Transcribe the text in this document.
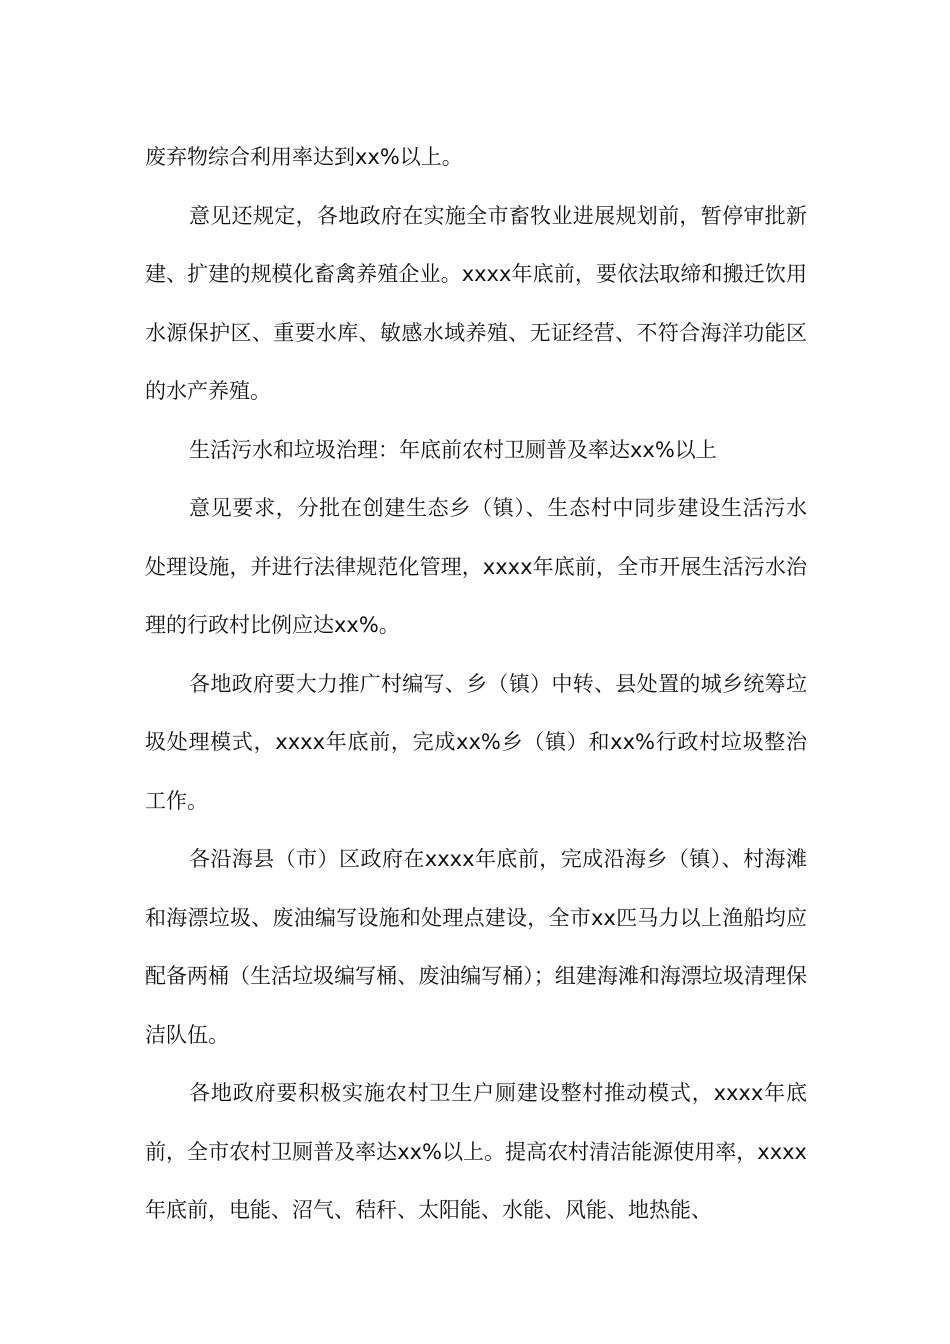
废弃物综合利用率达到xx%以上。

意见还规定，各地政府在实施全市畜牧业进展规划前，暂停审批新建、扩建的规模化畜禽养殖企业。xxxx年底前，要依法取缔和搬迁饮用水源保护区、重要水库、敏感水域养殖、无证经营、不符合海洋功能区的水产养殖。

生活污水和垃圾治理：年底前农村卫厕普及率达xx%以上

意见要求，分批在创建生态乡（镇）、生态村中同步建设生活污水处理设施，并进行法律规范化管理，xxxx年底前，全市开展生活污水治理的行政村比例应达xx%。

各地政府要大力推广村编写、乡（镇）中转、县处置的城乡统筹垃圾处理模式，xxxx年底前，完成xx%乡（镇）和xx%行政村垃圾整治工作。

各沿海县（市）区政府在xxxx年底前，完成沿海乡（镇）、村海滩和海漂垃圾、废油编写设施和处理点建设，全市xx匹马力以上渔船均应配备两桶（生活垃圾编写桶、废油编写桶）；组建海滩和海漂垃圾清理保洁队伍。

各地政府要积极实施农村卫生户厕建设整村推动模式，xxxx年底前，全市农村卫厕普及率达xx%以上。提高农村清洁能源使用率，xxxx年底前，电能、沼气、秸秆、太阳能、水能、风能、地热能、
